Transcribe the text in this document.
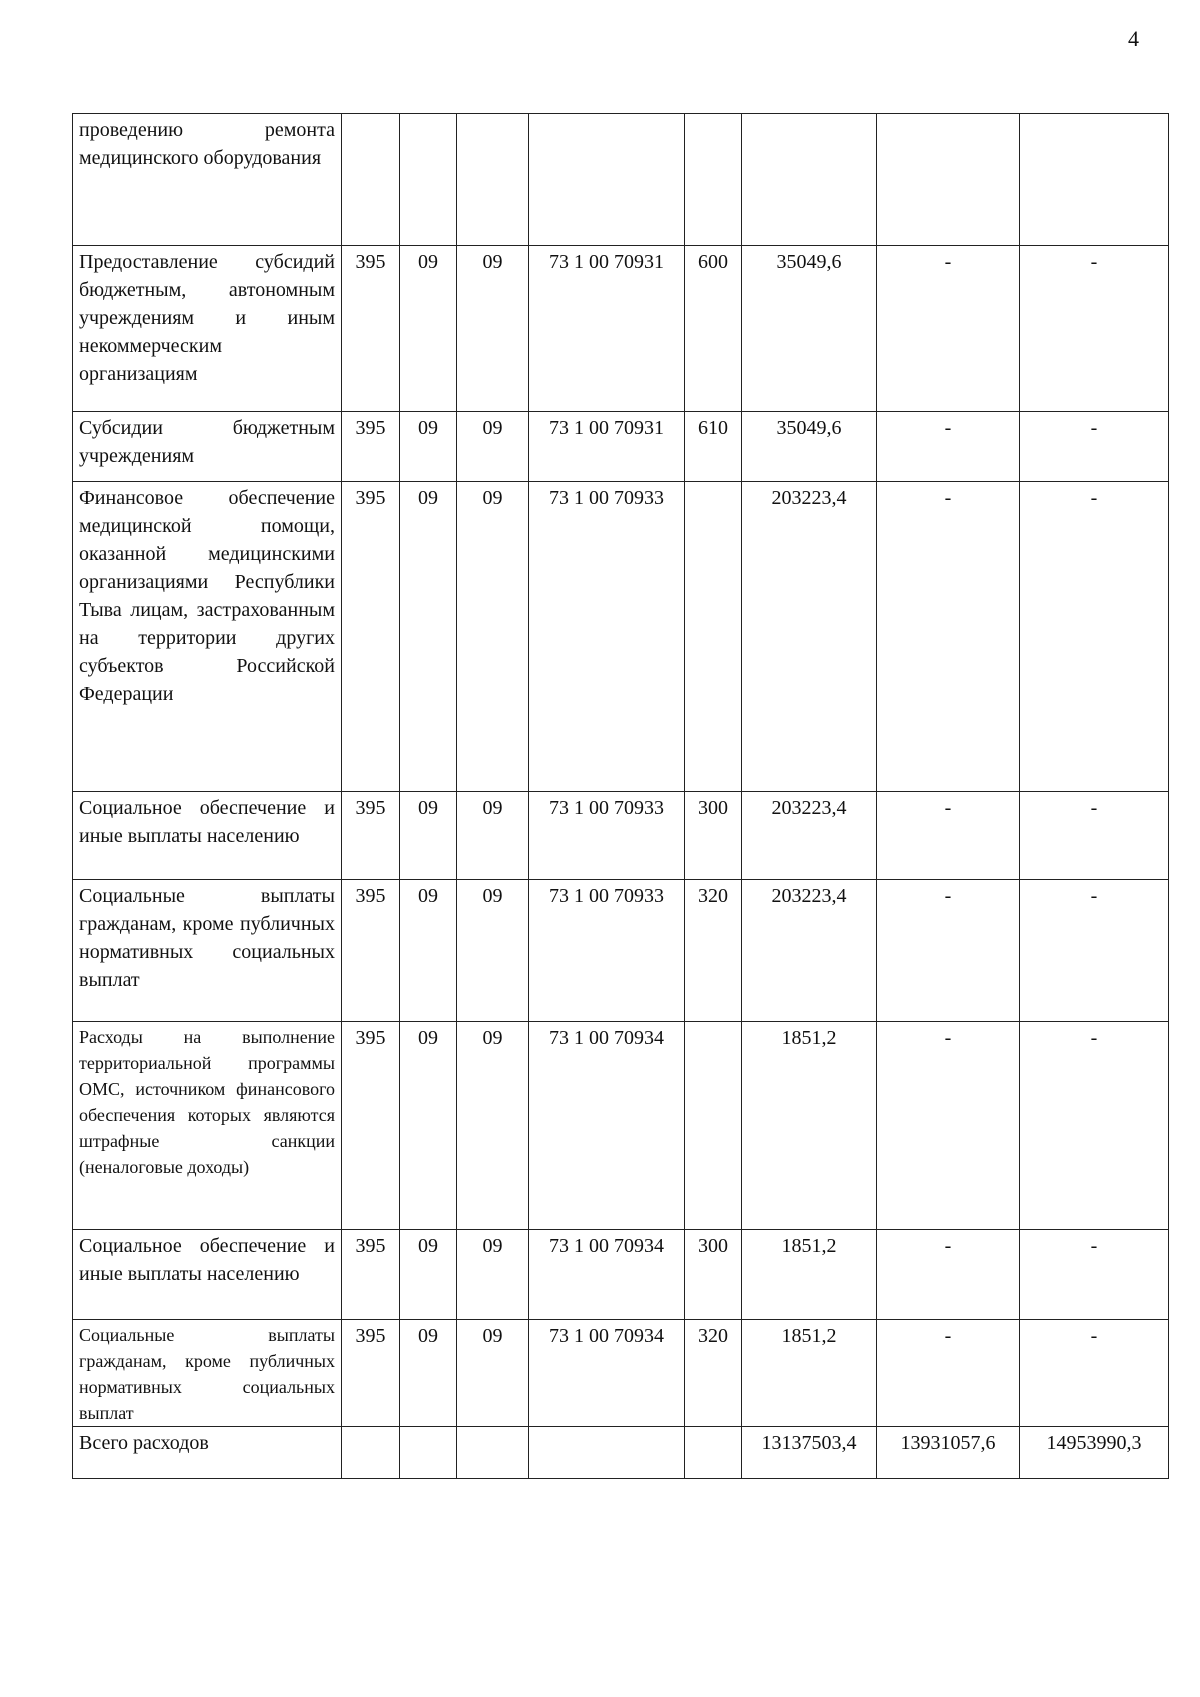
4
проведению ремонта медицинского оборудования								
Предоставление субсидий бюджетным, автономным учреждениям и иным некоммерческим организациям	395	09	09	73 1 00 70931	600	35049,6	-	-
Субсидии бюджетным учреждениям	395	09	09	73 1 00 70931	610	35049,6	-	-
Финансовое обеспечение медицинской помощи, оказанной медицинскими организациями Республики Тыва лицам, застрахованным на территории других субъектов Российской Федерации	395	09	09	73 1 00 70933		203223,4	-	-
Социальное обеспечение и иные выплаты населению	395	09	09	73 1 00 70933	300	203223,4	-	-
Социальные выплаты гражданам, кроме публичных нормативных социальных выплат	395	09	09	73 1 00 70933	320	203223,4	-	-
Расходы на выполнение территориальной программы ОМС, источником финансового обеспечения которых являются штрафные санкции (неналоговые доходы)	395	09	09	73 1 00 70934		1851,2	-	-
Социальное обеспечение и иные выплаты населению	395	09	09	73 1 00 70934	300	1851,2	-	-
Социальные выплаты гражданам, кроме публичных нормативных социальных выплат	395	09	09	73 1 00 70934	320	1851,2	-	-
Всего расходов						13137503,4	13931057,6	14953990,3
